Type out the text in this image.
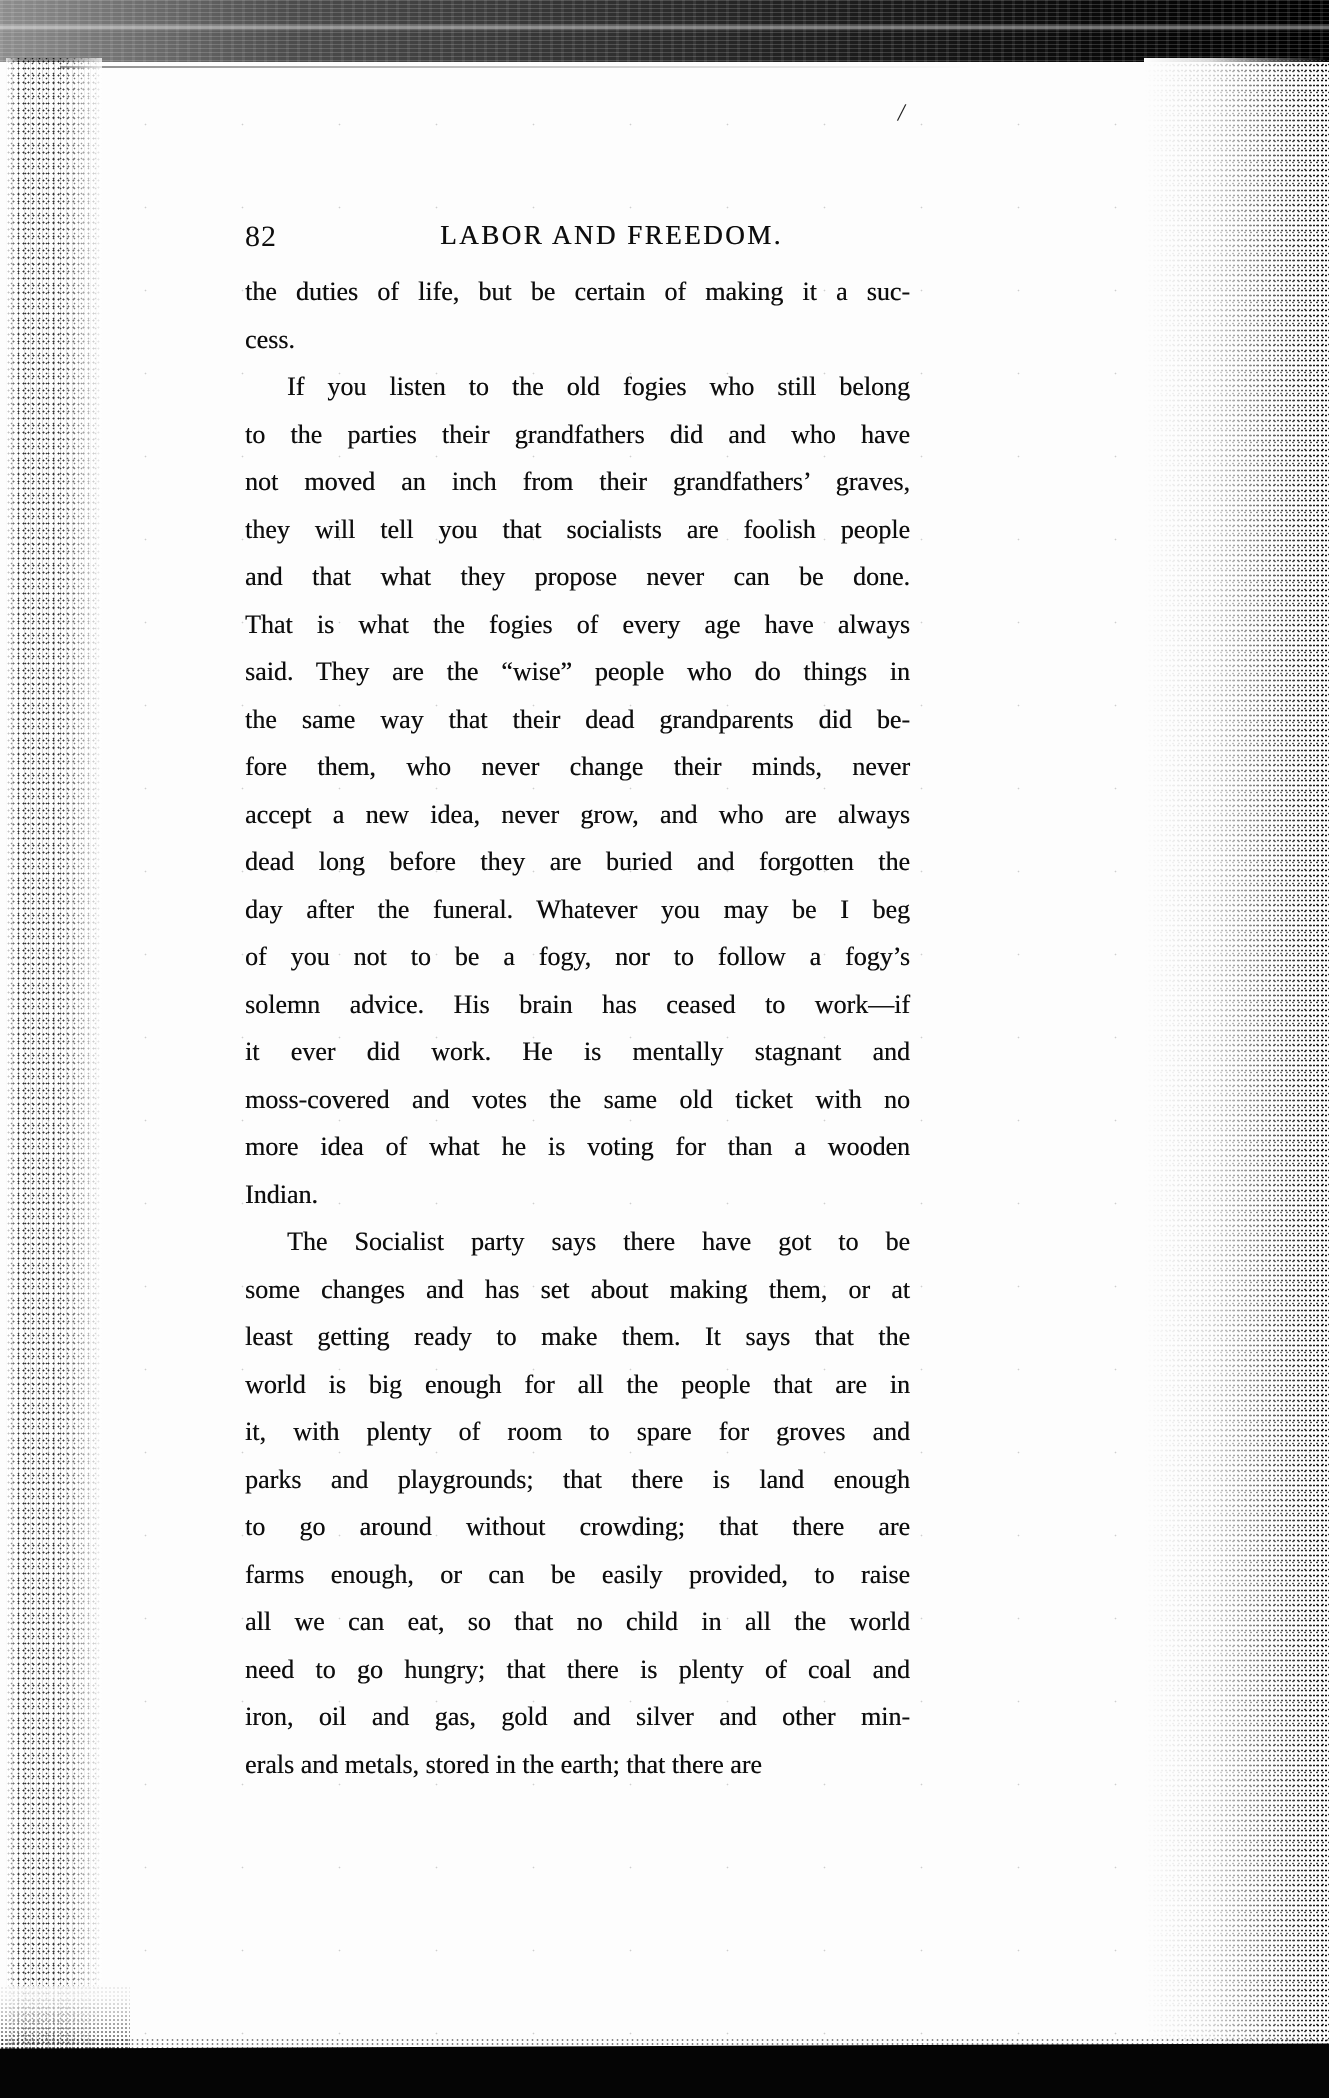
/
82	LABOR AND FREEDOM.
the duties of life, but be certain of making it a suc-
cess.
If you listen to the old fogies who still belong
to the parties their grandfathers did and who have
not moved an inch from their grandfathers’ graves,
they will tell you that socialists are foolish people
and that what they propose never can be done.
That is what the fogies of every age have always
said. They are the “wise” people who do things in
the same way that their dead grandparents did be-
fore them, who never change their minds, never
accept a new idea, never grow, and who are always
dead long before they are buried and forgotten the
day after the funeral. Whatever you may be I beg
of you not to be a fogy, nor to follow a fogy’s
solemn advice. His brain has ceased to work—if
it ever did work. He is mentally stagnant and
moss-covered and votes the same old ticket with no
more idea of what he is voting for than a wooden
Indian.
The Socialist party says there have got to be
some changes and has set about making them, or at
least getting ready to make them. It says that the
world is big enough for all the people that are in
it, with plenty of room to spare for groves and
parks and playgrounds; that there is land enough
to go around without crowding; that there are
farms enough, or can be easily provided, to raise
all we can eat, so that no child in all the world
need to go hungry; that there is plenty of coal and
iron, oil and gas, gold and silver and other min-
erals and metals, stored in the earth; that there are
